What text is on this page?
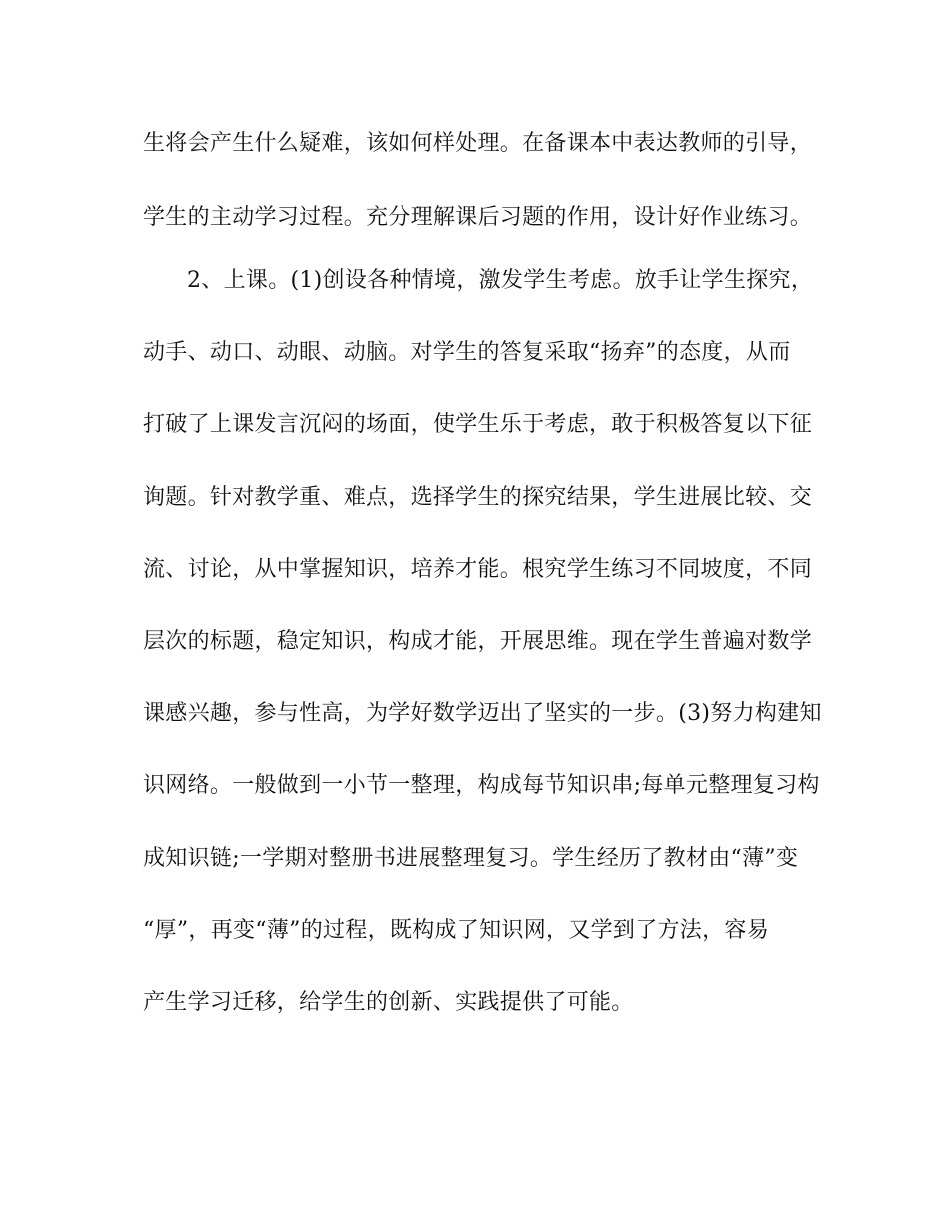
生将会产生什么疑难，该如何样处理。在备课本中表达教师的引导，

学生的主动学习过程。充分理解课后习题的作用，设计好作业练习。

2、上课。(1)创设各种情境，激发学生考虑。放手让学生探究，

动手、动口、动眼、动脑。对学生的答复采取“扬弃”的态度，从而

打破了上课发言沉闷的场面，使学生乐于考虑，敢于积极答复以下征

询题。针对教学重、难点，选择学生的探究结果，学生进展比较、交

流、讨论，从中掌握知识，培养才能。根究学生练习不同坡度，不同

层次的标题，稳定知识，构成才能，开展思维。现在学生普遍对数学

课感兴趣，参与性高，为学好数学迈出了坚实的一步。(3)努力构建知

识网络。一般做到一小节一整理，构成每节知识串;每单元整理复习构

成知识链;一学期对整册书进展整理复习。学生经历了教材由“薄”变

“厚”，再变“薄”的过程，既构成了知识网，又学到了方法，容易

产生学习迁移，给学生的创新、实践提供了可能。
